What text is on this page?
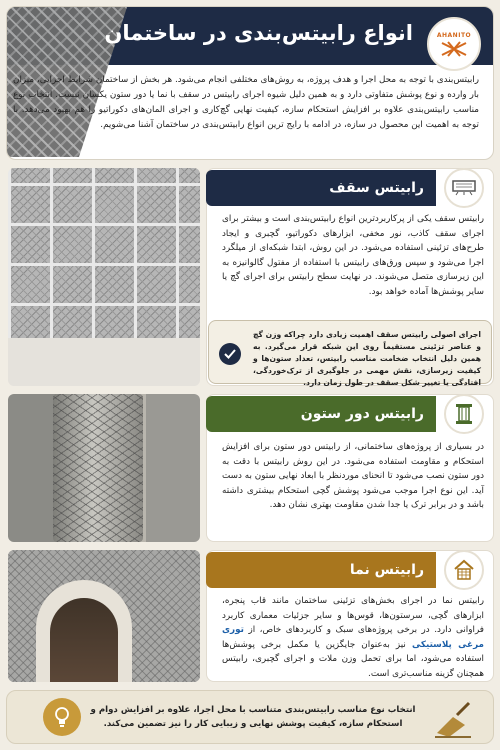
AHANITO
انواع رابیتس‌بندی در ساختمان

رابیتس‌بندی با توجه به محل اجرا و هدف پروژه، به روش‌های مختلفی انجام می‌شود. هر بخش از ساختمان شرایط اجرایی، میزان بار وارده و نوع پوشش متفاوتی دارد و به همین دلیل شیوه اجرای رابیتس در سقف با نما یا دور ستون یکسان نیست. انتخاب نوع مناسب رابیتس‌بندی علاوه بر افزایش استحکام سازه، کیفیت نهایی گچ‌کاری و اجرای المان‌های دکوراتیو را هم بهبود می‌دهد. با توجه به اهمیت این محصول در سازه، در ادامه با رایج ترین انواع رابیتس‌بندی در ساختمان آشنا می‌شویم.

رابیتس سقف

رابیتس سقف یکی از پرکاربردترین انواع رابیتس‌بندی است و بیشتر برای اجرای سقف کاذب، نور مخفی، ابزارهای دکوراتیو، گچبری و ایجاد طرح‌های تزئینی استفاده می‌شود. در این روش، ابتدا شبکه‌ای از میلگرد اجرا می‌شود و سپس ورق‌های رابیتس با استفاده از مفتول گالوانیزه به این زیرسازی متصل می‌شوند. در نهایت سطح رابیتس برای اجرای گچ یا سایر پوشش‌ها آماده خواهد بود.

اجرای اصولی رابیتس سقف اهمیت زیادی دارد چراکه وزن گچ و عناصر تزئینی مستقیماً روی این شبکه قرار می‌گیرد. به همین دلیل انتخاب ضخامت مناسب رابیتس، تعداد ستون‌ها و کیفیت زیرسازی، نقش مهمی در جلوگیری از ترک‌خوردگی، افتادگی یا تغییر شکل سقف در طول زمان دارد.

رابیتس دور ستون

در بسیاری از پروژه‌های ساختمانی، از رابیتس دور ستون برای افزایش استحکام و مقاومت استفاده می‌شود. در این روش رابیتس با دقت به دور ستون نصب می‌شود تا انحنای موردنظر با ابعاد نهایی ستون به دست آید. این نوع اجرا موجب می‌شود پوشش گچی استحکام بیشتری داشته باشد و در برابر ترک یا جدا شدن مقاومت بهتری نشان دهد.

رابیتس نما

رابیتس نما در اجرای بخش‌های تزئینی ساختمان مانند قاب پنجره، ابزارهای گچی، سرستون‌ها، قوس‌ها و سایر جزئیات معماری کاربرد فراوانی دارد. در برخی پروژه‌های سبک و کاربردهای خاص، از توری مرغی پلاستیکی نیز به‌عنوان جایگزین یا مکمل برخی پوشش‌ها استفاده می‌شود، اما برای تحمل وزن ملات و اجرای گچبری، رابیتس همچنان گزینه مناسب‌تری است.

انتخاب نوع مناسب رابیتس‌بندی متناسب با محل اجرا، علاوه بر افزایش دوام و استحکام سازه، کیفیت پوشش نهایی و زیبایی کار را نیز تضمین می‌کند.
